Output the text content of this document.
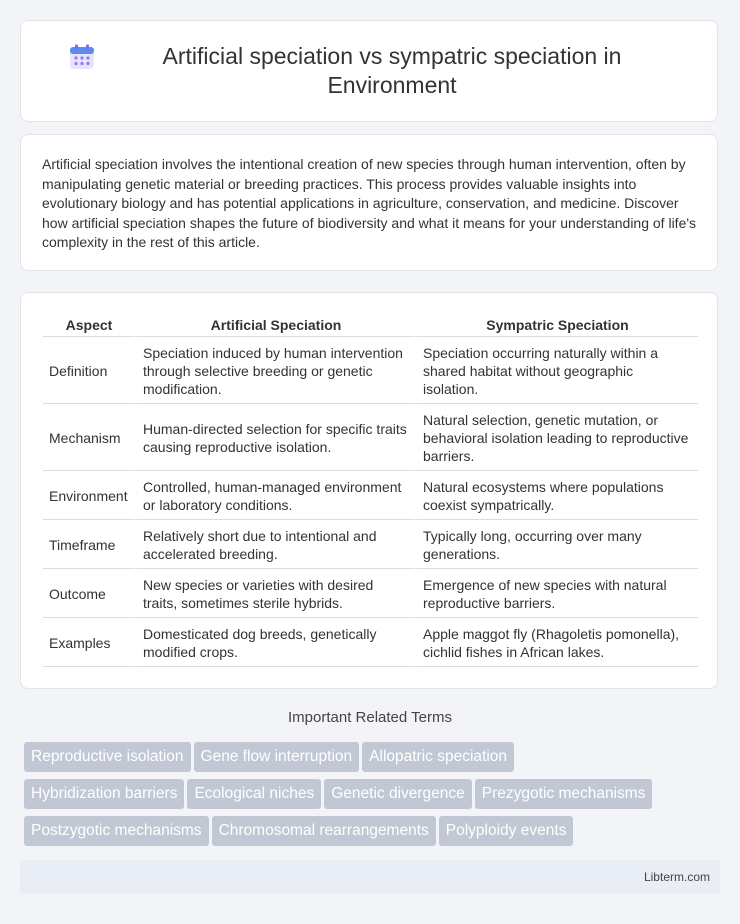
Artificial speciation vs sympatric speciation in Environment

Artificial speciation involves the intentional creation of new species through human intervention, often by manipulating genetic material or breeding practices. This process provides valuable insights into evolutionary biology and has potential applications in agriculture, conservation, and medicine. Discover how artificial speciation shapes the future of biodiversity and what it means for your understanding of life's complexity in the rest of this article.

Aspect	Artificial Speciation	Sympatric Speciation
Definition	Speciation induced by human intervention through selective breeding or genetic modification.	Speciation occurring naturally within a shared habitat without geographic isolation.
Mechanism	Human-directed selection for specific traits causing reproductive isolation.	Natural selection, genetic mutation, or behavioral isolation leading to reproductive barriers.
Environment	Controlled, human-managed environment or laboratory conditions.	Natural ecosystems where populations coexist sympatrically.
Timeframe	Relatively short due to intentional and accelerated breeding.	Typically long, occurring over many generations.
Outcome	New species or varieties with desired traits, sometimes sterile hybrids.	Emergence of new species with natural reproductive barriers.
Examples	Domesticated dog breeds, genetically modified crops.	Apple maggot fly (Rhagoletis pomonella), cichlid fishes in African lakes.
Important Related Terms
Reproductive isolation Gene flow interruption Allopatric speciation
Hybridization barriers Ecological niches Genetic divergence Prezygotic mechanisms
Postzygotic mechanisms Chromosomal rearrangements Polyploidy events
Libterm.com
